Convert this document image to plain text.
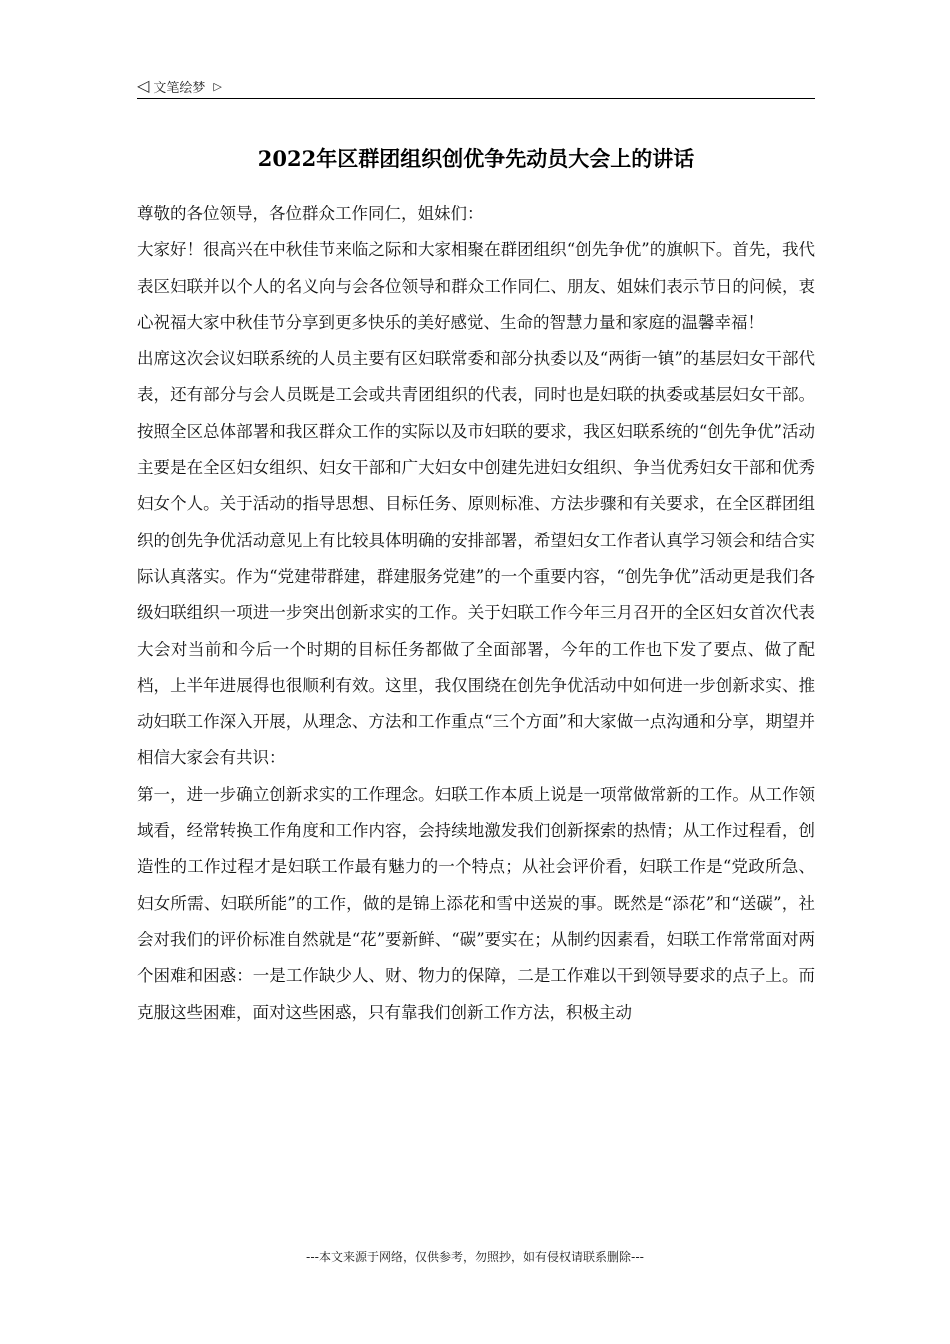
◁ 文笔绘梦 ▷
2022年区群团组织创优争先动员大会上的讲话

尊敬的各位领导，各位群众工作同仁，姐妹们：

大家好！很高兴在中秋佳节来临之际和大家相聚在群团组织“创先争优”的旗帜下。首先，我代表区妇联并以个人的名义向与会各位领导和群众工作同仁、朋友、姐妹们表示节日的问候，衷心祝福大家中秋佳节分享到更多快乐的美好感觉、生命的智慧力量和家庭的温馨幸福！

出席这次会议妇联系统的人员主要有区妇联常委和部分执委以及“两街一镇”的基层妇女干部代表，还有部分与会人员既是工会或共青团组织的代表，同时也是妇联的执委或基层妇女干部。按照全区总体部署和我区群众工作的实际以及市妇联的要求，我区妇联系统的“创先争优”活动主要是在全区妇女组织、妇女干部和广大妇女中创建先进妇女组织、争当优秀妇女干部和优秀妇女个人。关于活动的指导思想、目标任务、原则标准、方法步骤和有关要求，在全区群团组织的创先争优活动意见上有比较具体明确的安排部署，希望妇女工作者认真学习领会和结合实际认真落实。作为“党建带群建，群建服务党建”的一个重要内容，“创先争优”活动更是我们各级妇联组织一项进一步突出创新求实的工作。关于妇联工作今年三月召开的全区妇女首次代表大会对当前和今后一个时期的目标任务都做了全面部署，今年的工作也下发了要点、做了配档，上半年进展得也很顺利有效。这里，我仅围绕在创先争优活动中如何进一步创新求实、推动妇联工作深入开展，从理念、方法和工作重点“三个方面”和大家做一点沟通和分享，期望并相信大家会有共识：

第一，进一步确立创新求实的工作理念。妇联工作本质上说是一项常做常新的工作。从工作领域看，经常转换工作角度和工作内容，会持续地激发我们创新探索的热情；从工作过程看，创造性的工作过程才是妇联工作最有魅力的一个特点；从社会评价看，妇联工作是“党政所急、妇女所需、妇联所能”的工作，做的是锦上添花和雪中送炭的事。既然是“添花”和“送碳”，社会对我们的评价标准自然就是“花”要新鲜、“碳”要实在；从制约因素看，妇联工作常常面对两个困难和困惑：一是工作缺少人、财、物力的保障，二是工作难以干到领导要求的点子上。而克服这些困难，面对这些困惑，只有靠我们创新工作方法，积极主动

---本文来源于网络，仅供参考，勿照抄，如有侵权请联系删除---
